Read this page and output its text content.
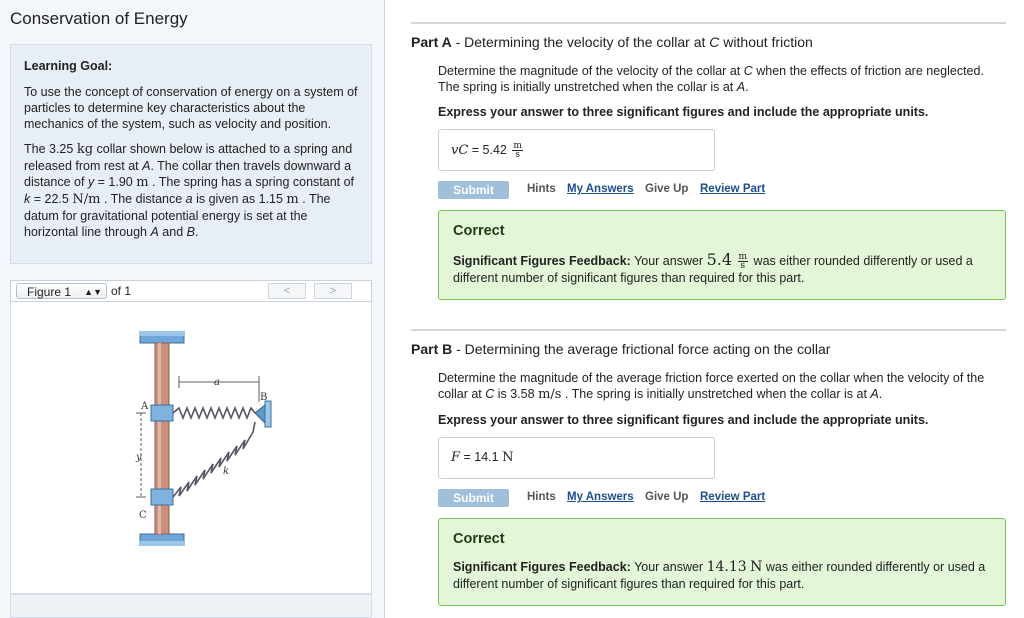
Conservation of Energy
Learning Goal:

To use the concept of conservation of energy on a system of particles to determine key characteristics about the mechanics of the system, such as velocity and position.

The 3.25 kg collar shown below is attached to a spring and released from rest at A. The collar then travels downward a distance of y = 1.90 m . The spring has a spring constant of k = 22.5 N/m . The distance a is given as 1.15 m . The datum for gravitational potential energy is set at the horizontal line through A and B.

Figure 1 ▲▼ of 1	<	>
a
A
B
C
y
k
Part A - Determining the velocity of the collar at C without friction
Determine the magnitude of the velocity of the collar at C when the effects of friction are neglected. The spring is initially unstretched when the collar is at A.
Express your answer to three significant figures and include the appropriate units.
vC = $5.42 \frac{m}{s}$
Submit	Hints My Answers Give Up Review Part
Correct
Significant Figures Feedback: Your answer $5.4 \frac{m}{s}$ was either rounded differently or used a different number of significant figures than required for this part.
Part B - Determining the average frictional force acting on the collar
Determine the magnitude of the average friction force exerted on the collar when the velocity of the collar at C is 3.58 m/s . The spring is initially unstretched when the collar is at A.
Express your answer to three significant figures and include the appropriate units.
F = 14.1 N
Submit	Hints My Answers Give Up Review Part
Correct
Significant Figures Feedback: Your answer 14.13 N was either rounded differently or used a different number of significant figures than required for this part.
